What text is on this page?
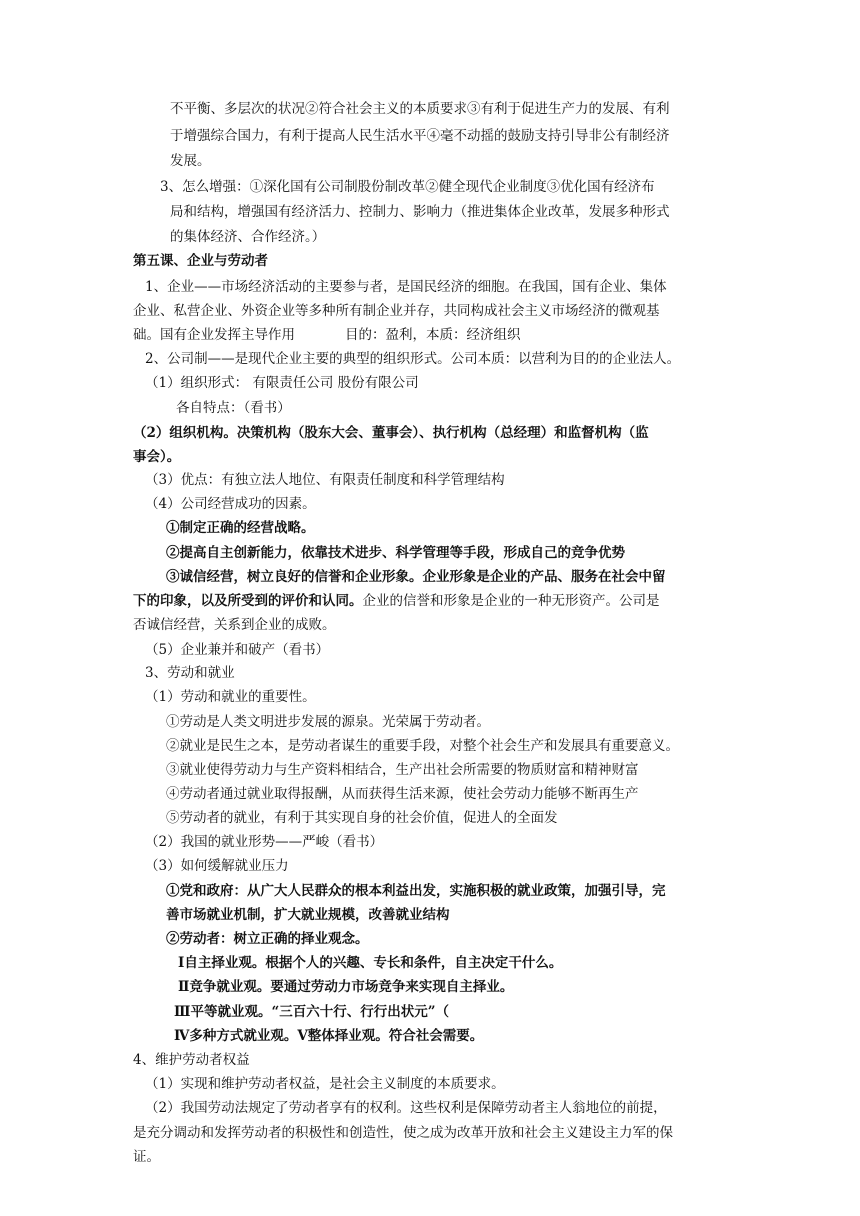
不平衡、多层次的状况②符合社会主义的本质要求③有利于促进生产力的发展、有利
于增强综合国力，有利于提高人民生活水平④毫不动摇的鼓励支持引导非公有制经济
发展。
3、怎么增强：①深化国有公司制股份制改革②健全现代企业制度③优化国有经济布
局和结构，增强国有经济活力、控制力、影响力（推进集体企业改革，发展多种形式
的集体经济、合作经济。）
第五课、企业与劳动者
1、企业——市场经济活动的主要参与者，是国民经济的细胞。在我国，国有企业、集体
企业、私营企业、外资企业等多种所有制企业并存，共同构成社会主义市场经济的微观基
础。国有企业发挥主导作用	目的：盈利，本质：经济组织
2、公司制——是现代企业主要的典型的组织形式。公司本质：以营利为目的的企业法人。
（1）组织形式： 有限责任公司 股份有限公司
各自特点：（看书）
（2）组织机构。决策机构（股东大会、董事会）、执行机构（总经理）和监督机构（监
事会）。
（3）优点：有独立法人地位、有限责任制度和科学管理结构
（4）公司经营成功的因素。
①制定正确的经营战略。
②提高自主创新能力，依靠技术进步、科学管理等手段，形成自己的竞争优势
③诚信经营，树立良好的信誉和企业形象。企业形象是企业的产品、服务在社会中留
下的印象，以及所受到的评价和认同。企业的信誉和形象是企业的一种无形资产。公司是
否诚信经营，关系到企业的成败。
（5）企业兼并和破产（看书）
3、劳动和就业
（1）劳动和就业的重要性。
①劳动是人类文明进步发展的源泉。光荣属于劳动者。
②就业是民生之本，是劳动者谋生的重要手段，对整个社会生产和发展具有重要意义。
③就业使得劳动力与生产资料相结合，生产出社会所需要的物质财富和精神财富
④劳动者通过就业取得报酬，从而获得生活来源，使社会劳动力能够不断再生产
⑤劳动者的就业，有利于其实现自身的社会价值，促进人的全面发
（2）我国的就业形势——严峻（看书）
（3）如何缓解就业压力
①党和政府：从广大人民群众的根本利益出发，实施积极的就业政策，加强引导，完
善市场就业机制，扩大就业规模，改善就业结构
②劳动者：树立正确的择业观念。
Ⅰ自主择业观。根据个人的兴趣、专长和条件，自主决定干什么。
Ⅱ竞争就业观。要通过劳动力市场竞争来实现自主择业。
Ⅲ平等就业观。“三百六十行、行行出状元”（
Ⅳ多种方式就业观。Ⅴ整体择业观。符合社会需要。
4、维护劳动者权益
（1）实现和维护劳动者权益，是社会主义制度的本质要求。
（2）我国劳动法规定了劳动者享有的权利。这些权利是保障劳动者主人翁地位的前提，
是充分调动和发挥劳动者的积极性和创造性，使之成为改革开放和社会主义建设主力军的保
证。
